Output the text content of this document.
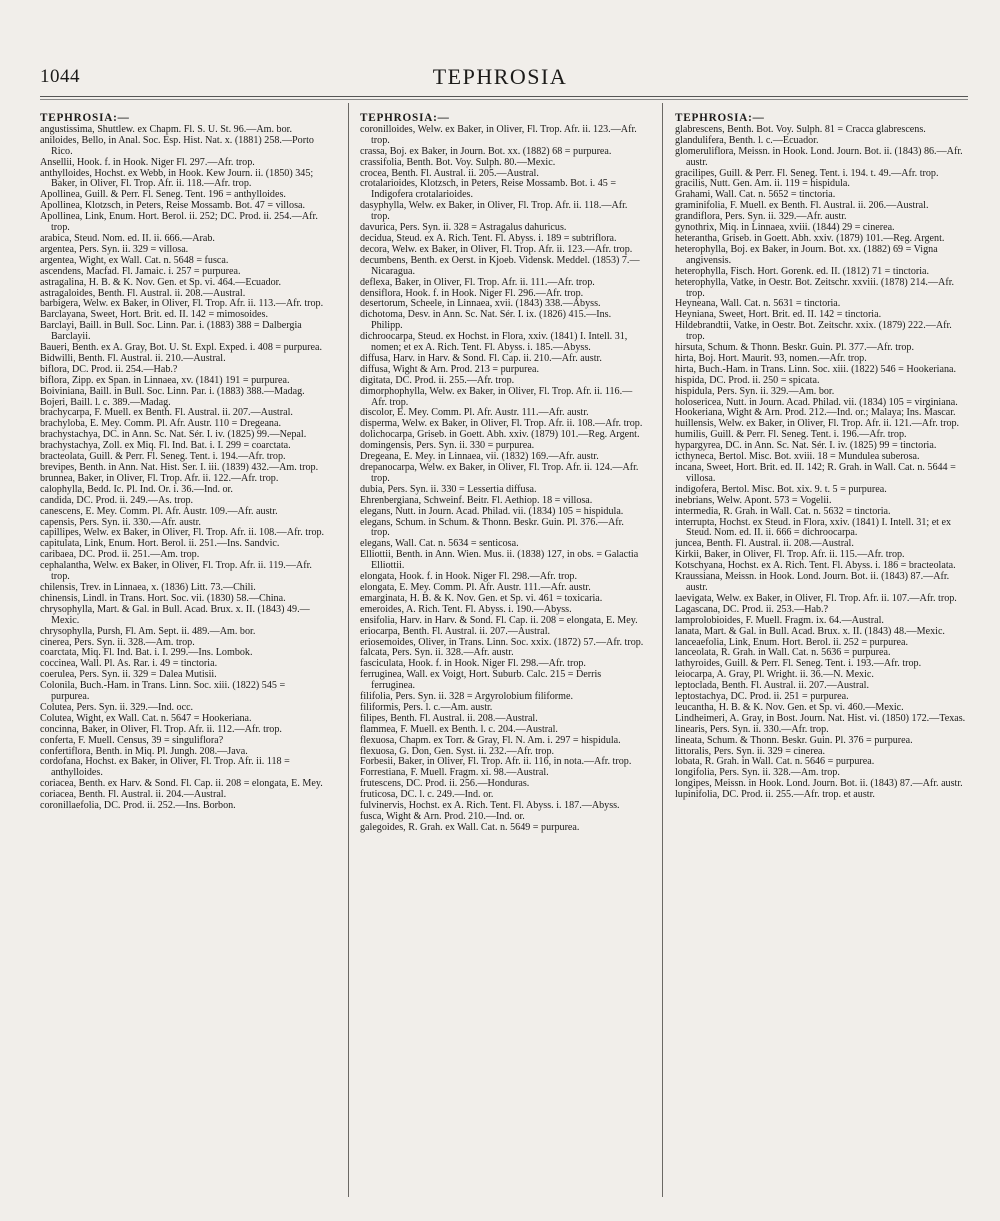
1044	TEPHROSIA
TEPHROSIA:—
angustissima, Shuttlew. ex Chapm. Fl. S. U. St. 96.—Am. bor.
aniloides, Bello, in Anal. Soc. Esp. Hist. Nat. x. (1881) 258.—Porto Rico.
Ansellii, Hook. f. in Hook. Niger Fl. 297.—Afr. trop.
anthylloides, Hochst. ex Webb, in Hook. Kew Journ. ii. (1850) 345; Baker, in Oliver, Fl. Trop. Afr. ii. 118.—Afr. trop.
Apollinea, Guill. & Perr. Fl. Seneg. Tent. 196 = anthylloides.
Apollinea, Klotzsch, in Peters, Reise Mossamb. Bot. 47 = villosa.
Apollinea, Link, Enum. Hort. Berol. ii. 252; DC. Prod. ii. 254.—Afr. trop.
arabica, Steud. Nom. ed. II. ii. 666.—Arab.
argentea, Pers. Syn. ii. 329 = villosa.
argentea, Wight, ex Wall. Cat. n. 5648 = fusca.
ascendens, Macfad. Fl. Jamaic. i. 257 = purpurea.
astragalina, H. B. & K. Nov. Gen. et Sp. vi. 464.—Ecuador.
astragaloides, Benth. Fl. Austral. ii. 208.—Austral.
barbigera, Welw. ex Baker, in Oliver, Fl. Trop. Afr. ii. 113.—Afr. trop.
Barclayana, Sweet, Hort. Brit. ed. II. 142 = mimosoides.
Barclayi, Baill. in Bull. Soc. Linn. Par. i. (1883) 388 = Dalbergia Barclayii.
Baueri, Benth. ex A. Gray, Bot. U. St. Expl. Exped. i. 408 = purpurea.
Bidwilli, Benth. Fl. Austral. ii. 210.—Austral.
biflora, DC. Prod. ii. 254.—Hab.?
biflora, Zipp. ex Span. in Linnaea, xv. (1841) 191 = purpurea.
Boiviniana, Baill. in Bull. Soc. Linn. Par. i. (1883) 388.—Madag.
Bojeri, Baill. l. c. 389.—Madag.
brachycarpa, F. Muell. ex Benth. Fl. Austral. ii. 207.—Austral.
brachyloba, E. Mey. Comm. Pl. Afr. Austr. 110 = Dregeana.
brachystachya, DC. in Ann. Sc. Nat. Sér. I. iv. (1825) 99.—Nepal.
brachystachya, Zoll. ex Miq. Fl. Ind. Bat. i. I. 299 = coarctata.
bracteolata, Guill. & Perr. Fl. Seneg. Tent. i. 194.—Afr. trop.
brevipes, Benth. in Ann. Nat. Hist. Ser. I. iii. (1839) 432.—Am. trop.
brunnea, Baker, in Oliver, Fl. Trop. Afr. ii. 122.—Afr. trop.
calophylla, Bedd. Ic. Pl. Ind. Or. i. 36.—Ind. or.
candida, DC. Prod. ii. 249.—As. trop.
canescens, E. Mey. Comm. Pl. Afr. Austr. 109.—Afr. austr.
capensis, Pers. Syn. ii. 330.—Afr. austr.
capillipes, Welw. ex Baker, in Oliver, Fl. Trop. Afr. ii. 108.—Afr. trop.
capitulata, Link, Enum. Hort. Berol. ii. 251.—Ins. Sandvic.
caribaea, DC. Prod. ii. 251.—Am. trop.
cephalantha, Welw. ex Baker, in Oliver, Fl. Trop. Afr. ii. 119.—Afr. trop.
chilensis, Trev. in Linnaea, x. (1836) Litt. 73.—Chili.
chinensis, Lindl. in Trans. Hort. Soc. vii. (1830) 58.—China.
chrysophylla, Mart. & Gal. in Bull. Acad. Brux. x. II. (1843) 49.—Mexic.
chrysophylla, Pursh, Fl. Am. Sept. ii. 489.—Am. bor.
cinerea, Pers. Syn. ii. 328.—Am. trop.
coarctata, Miq. Fl. Ind. Bat. i. I. 299.—Ins. Lombok.
coccinea, Wall. Pl. As. Rar. i. 49 = tinctoria.
coerulea, Pers. Syn. ii. 329 = Dalea Mutisii.
Colonila, Buch.-Ham. in Trans. Linn. Soc. xiii. (1822) 545 = purpurea.
Colutea, Pers. Syn. ii. 329.—Ind. occ.
Colutea, Wight, ex Wall. Cat. n. 5647 = Hookeriana.
concinna, Baker, in Oliver, Fl. Trop. Afr. ii. 112.—Afr. trop.
conferta, F. Muell. Census, 39 = singuliflora?
confertiflora, Benth. in Miq. Pl. Jungh. 208.—Java.
cordofana, Hochst. ex Baker, in Oliver, Fl. Trop. Afr. ii. 118 = anthylloides.
coriacea, Benth. ex Harv. & Sond. Fl. Cap. ii. 208 = elongata, E. Mey.
coriacea, Benth. Fl. Austral. ii. 204.—Austral.
coronillaefolia, DC. Prod. ii. 252.—Ins. Borbon.
TEPHROSIA:—
coronilloides, Welw. ex Baker, in Oliver, Fl. Trop. Afr. ii. 123.—Afr. trop.
crassa, Boj. ex Baker, in Journ. Bot. xx. (1882) 68 = purpurea.
crassifolia, Benth. Bot. Voy. Sulph. 80.—Mexic.
crocea, Benth. Fl. Austral. ii. 205.—Austral.
crotalarioides, Klotzsch, in Peters, Reise Mossamb. Bot. i. 45 = Indigofera crotalarioides.
dasyphylla, Welw. ex Baker, in Oliver, Fl. Trop. Afr. ii. 118.—Afr. trop.
davurica, Pers. Syn. ii. 328 = Astragalus dahuricus.
decidua, Steud. ex A. Rich. Tent. Fl. Abyss. i. 189 = subtriflora.
decora, Welw. ex Baker, in Oliver, Fl. Trop. Afr. ii. 123.—Afr. trop.
decumbens, Benth. ex Oerst. in Kjoeb. Vidensk. Meddel. (1853) 7.—Nicaragua.
deflexa, Baker, in Oliver, Fl. Trop. Afr. ii. 111.—Afr. trop.
densiflora, Hook. f. in Hook. Niger Fl. 296.—Afr. trop.
desertorum, Scheele, in Linnaea, xvii. (1843) 338.—Abyss.
dichotoma, Desv. in Ann. Sc. Nat. Sér. I. ix. (1826) 415.—Ins. Philipp.
dichroocarpa, Steud. ex Hochst. in Flora, xxiv. (1841) I. Intell. 31, nomen; et ex A. Rich. Tent. Fl. Abyss. i. 185.—Abyss.
diffusa, Harv. in Harv. & Sond. Fl. Cap. ii. 210.—Afr. austr.
diffusa, Wight & Arn. Prod. 213 = purpurea.
digitata, DC. Prod. ii. 255.—Afr. trop.
dimorphophylla, Welw. ex Baker, in Oliver, Fl. Trop. Afr. ii. 116.—Afr. trop.
discolor, E. Mey. Comm. Pl. Afr. Austr. 111.—Afr. austr.
disperma, Welw. ex Baker, in Oliver, Fl. Trop. Afr. ii. 108.—Afr. trop.
dolichocarpa, Griseb. in Goett. Abh. xxiv. (1879) 101.—Reg. Argent.
domingensis, Pers. Syn. ii. 330 = purpurea.
Dregeana, E. Mey. in Linnaea, vii. (1832) 169.—Afr. austr.
drepanocarpa, Welw. ex Baker, in Oliver, Fl. Trop. Afr. ii. 124.—Afr. trop.
dubia, Pers. Syn. ii. 330 = Lessertia diffusa.
Ehrenbergiana, Schweinf. Beitr. Fl. Aethiop. 18 = villosa.
elegans, Nutt. in Journ. Acad. Philad. vii. (1834) 105 = hispidula.
elegans, Schum. in Schum. & Thonn. Beskr. Guin. Pl. 376.—Afr. trop.
elegans, Wall. Cat. n. 5634 = senticosa.
Elliottii, Benth. in Ann. Wien. Mus. ii. (1838) 127, in obs. = Galactia Elliottii.
elongata, Hook. f. in Hook. Niger Fl. 298.—Afr. trop.
elongata, E. Mey. Comm. Pl. Afr. Austr. 111.—Afr. austr.
emarginata, H. B. & K. Nov. Gen. et Sp. vi. 461 = toxicaria.
emeroides, A. Rich. Tent. Fl. Abyss. i. 190.—Abyss.
ensifolia, Harv. in Harv. & Sond. Fl. Cap. ii. 208 = elongata, E. Mey.
eriocarpa, Benth. Fl. Austral. ii. 207.—Austral.
eriosemoides, Oliver, in Trans. Linn. Soc. xxix. (1872) 57.—Afr. trop.
falcata, Pers. Syn. ii. 328.—Afr. austr.
fasciculata, Hook. f. in Hook. Niger Fl. 298.—Afr. trop.
ferruginea, Wall. ex Voigt, Hort. Suburb. Calc. 215 = Derris ferruginea.
filifolia, Pers. Syn. ii. 328 = Argyrolobium filiforme.
filiformis, Pers. l. c.—Am. austr.
filipes, Benth. Fl. Austral. ii. 208.—Austral.
flammea, F. Muell. ex Benth. l. c. 204.—Austral.
flexuosa, Chapm. ex Torr. & Gray, Fl. N. Am. i. 297 = hispidula.
flexuosa, G. Don, Gen. Syst. ii. 232.—Afr. trop.
Forbesii, Baker, in Oliver, Fl. Trop. Afr. ii. 116, in nota.—Afr. trop.
Forrestiana, F. Muell. Fragm. xi. 98.—Austral.
frutescens, DC. Prod. ii. 256.—Honduras.
fruticosa, DC. l. c. 249.—Ind. or.
fulvinervis, Hochst. ex A. Rich. Tent. Fl. Abyss. i. 187.—Abyss.
fusca, Wight & Arn. Prod. 210.—Ind. or.
galegoides, R. Grah. ex Wall. Cat. n. 5649 = purpurea.
TEPHROSIA:—
glabrescens, Benth. Bot. Voy. Sulph. 81 = Cracca glabrescens.
glandulifera, Benth. l. c.—Ecuador.
glomeruliflora, Meissn. in Hook. Lond. Journ. Bot. ii. (1843) 86.—Afr. austr.
gracilipes, Guill. & Perr. Fl. Seneg. Tent. i. 194. t. 49.—Afr. trop.
gracilis, Nutt. Gen. Am. ii. 119 = hispidula.
Grahami, Wall. Cat. n. 5652 = tinctoria.
graminifolia, F. Muell. ex Benth. Fl. Austral. ii. 206.—Austral.
grandiflora, Pers. Syn. ii. 329.—Afr. austr.
gynothrix, Miq. in Linnaea, xviii. (1844) 29 = cinerea.
heterantha, Griseb. in Goett. Abh. xxiv. (1879) 101.—Reg. Argent.
heterophylla, Boj. ex Baker, in Journ. Bot. xx. (1882) 69 = Vigna angivensis.
heterophylla, Fisch. Hort. Gorenk. ed. II. (1812) 71 = tinctoria.
heterophylla, Vatke, in Oestr. Bot. Zeitschr. xxviii. (1878) 214.—Afr. trop.
Heyneana, Wall. Cat. n. 5631 = tinctoria.
Heyniana, Sweet, Hort. Brit. ed. II. 142 = tinctoria.
Hildebrandtii, Vatke, in Oestr. Bot. Zeitschr. xxix. (1879) 222.—Afr. trop.
hirsuta, Schum. & Thonn. Beskr. Guin. Pl. 377.—Afr. trop.
hirta, Boj. Hort. Maurit. 93, nomen.—Afr. trop.
hirta, Buch.-Ham. in Trans. Linn. Soc. xiii. (1822) 546 = Hookeriana.
hispida, DC. Prod. ii. 250 = spicata.
hispidula, Pers. Syn. ii. 329.—Am. bor.
holosericea, Nutt. in Journ. Acad. Philad. vii. (1834) 105 = virginiana.
Hookeriana, Wight & Arn. Prod. 212.—Ind. or.; Malaya; Ins. Mascar.
huillensis, Welw. ex Baker, in Oliver, Fl. Trop. Afr. ii. 121.—Afr. trop.
humilis, Guill. & Perr. Fl. Seneg. Tent. i. 196.—Afr. trop.
hypargyrea, DC. in Ann. Sc. Nat. Sér. I. iv. (1825) 99 = tinctoria.
icthyneca, Bertol. Misc. Bot. xviii. 18 = Mundulea suberosa.
incana, Sweet, Hort. Brit. ed. II. 142; R. Grah. in Wall. Cat. n. 5644 = villosa.
indigofera, Bertol. Misc. Bot. xix. 9. t. 5 = purpurea.
inebrians, Welw. Apont. 573 = Vogelii.
intermedia, R. Grah. in Wall. Cat. n. 5632 = tinctoria.
interrupta, Hochst. ex Steud. in Flora, xxiv. (1841) I. Intell. 31; et ex Steud. Nom. ed. II. ii. 666 = dichroocarpa.
juncea, Benth. Fl. Austral. ii. 208.—Austral.
Kirkii, Baker, in Oliver, Fl. Trop. Afr. ii. 115.—Afr. trop.
Kotschyana, Hochst. ex A. Rich. Tent. Fl. Abyss. i. 186 = bracteolata.
Kraussiana, Meissn. in Hook. Lond. Journ. Bot. ii. (1843) 87.—Afr. austr.
laevigata, Welw. ex Baker, in Oliver, Fl. Trop. Afr. ii. 107.—Afr. trop.
Lagascana, DC. Prod. ii. 253.—Hab.?
lamprolobioides, F. Muell. Fragm. ix. 64.—Austral.
lanata, Mart. & Gal. in Bull. Acad. Brux. x. II. (1843) 48.—Mexic.
lanceaefolia, Link, Enum. Hort. Berol. ii. 252 = purpurea.
lanceolata, R. Grah. in Wall. Cat. n. 5636 = purpurea.
lathyroides, Guill. & Perr. Fl. Seneg. Tent. i. 193.—Afr. trop.
leiocarpa, A. Gray, Pl. Wright. ii. 36.—N. Mexic.
leptoclada, Benth. Fl. Austral. ii. 207.—Austral.
leptostachya, DC. Prod. ii. 251 = purpurea.
leucantha, H. B. & K. Nov. Gen. et Sp. vi. 460.—Mexic.
Lindheimeri, A. Gray, in Bost. Journ. Nat. Hist. vi. (1850) 172.—Texas.
linearis, Pers. Syn. ii. 330.—Afr. trop.
lineata, Schum. & Thonn. Beskr. Guin. Pl. 376 = purpurea.
littoralis, Pers. Syn. ii. 329 = cinerea.
lobata, R. Grah. in Wall. Cat. n. 5646 = purpurea.
longifolia, Pers. Syn. ii. 328.—Am. trop.
longipes, Meissn. in Hook. Lond. Journ. Bot. ii. (1843) 87.—Afr. austr.
lupinifolia, DC. Prod. ii. 255.—Afr. trop. et austr.
